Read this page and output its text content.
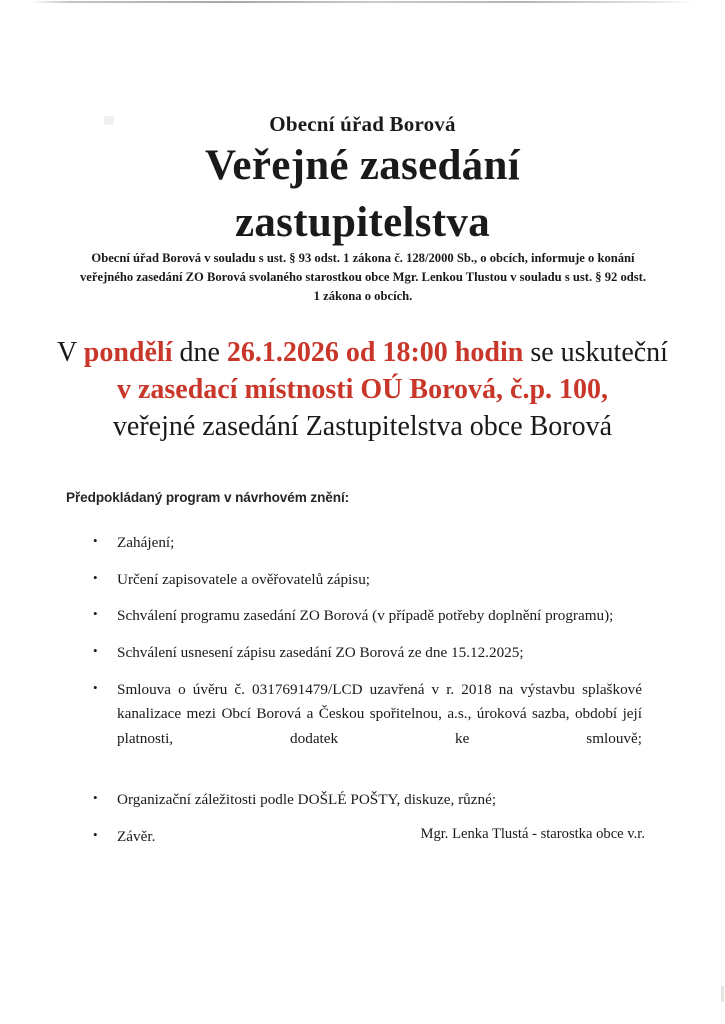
Obecní úřad Borová
Veřejné zasedání
zastupitelstva
Obecní úřad Borová v souladu s ust. § 93 odst. 1 zákona č. 128/2000 Sb., o obcích, informuje o konání veřejného zasedání ZO Borová svolaného starostkou obce Mgr. Lenkou Tlustou v souladu s ust. § 92 odst. 1 zákona o obcích.
V pondělí dne 26.1.2026 od 18:00 hodin se uskuteční
v zasedací místnosti OÚ Borová, č.p. 100,
veřejné zasedání Zastupitelstva obce Borová
Předpokládaný program v návrhovém znění:
• Zahájení;
• Určení zapisovatele a ověřovatelů zápisu;
• Schválení programu zasedání ZO Borová (v případě potřeby doplnění programu);
• Schválení usnesení zápisu zasedání ZO Borová ze dne 15.12.2025;
• Smlouva o úvěru č. 0317691479/LCD uzavřená v r. 2018 na výstavbu splaškové kanalizace mezi Obcí Borová a Českou spořitelnou, a.s., úroková sazba, období její platnosti, dodatek ke smlouvě;
• Organizační záležitosti podle DOŠLÉ POŠTY, diskuze, různé;
• Závěr.	Mgr. Lenka Tlustá - starostka obce v.r.
